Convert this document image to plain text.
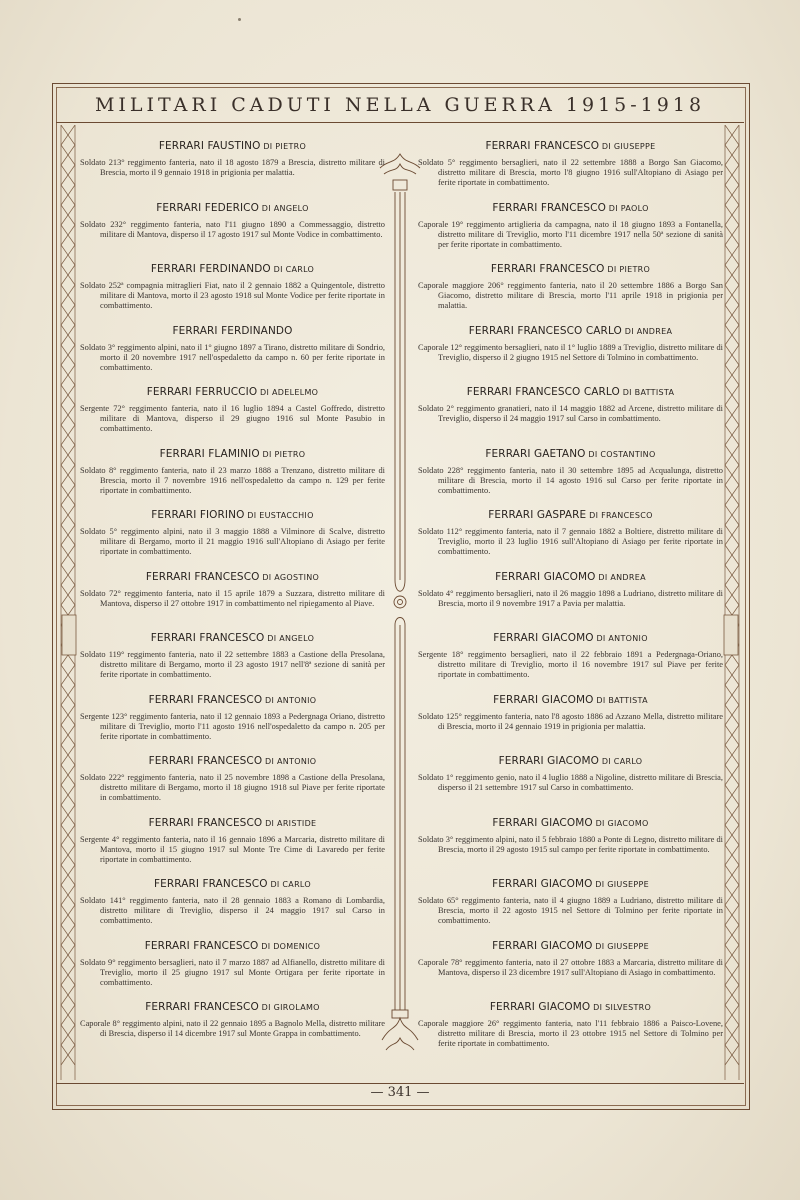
MILITARI CADUTI NELLA GUERRA 1915-1918
FERRARI FAUSTINO DI PIETRO
Soldato 213° reggimento fanteria, nato il 18 agosto 1879 a Brescia, distretto militare di Brescia, morto il 9 gennaio 1918 in prigionia per malattia.
FERRARI FEDERICO DI ANGELO
Soldato 232° reggimento fanteria, nato l'11 giugno 1890 a Commessaggio, distretto militare di Mantova, disperso il 17 agosto 1917 sul Monte Vodice in combattimento.
FERRARI FERDINANDO DI CARLO
Soldato 252ª compagnia mitraglieri Fiat, nato il 2 gennaio 1882 a Quingentole, distretto militare di Mantova, morto il 23 agosto 1918 sul Monte Vodice per ferite riportate in combattimento.
FERRARI FERDINANDO
Soldato 3° reggimento alpini, nato il 1° giugno 1897 a Tirano, distretto militare di Sondrio, morto il 20 novembre 1917 nell'ospedaletto da campo n. 60 per ferite riportate in combattimento.
FERRARI FERRUCCIO DI ADELELMO
Sergente 72° reggimento fanteria, nato il 16 luglio 1894 a Castel Goffredo, distretto militare di Mantova, disperso il 29 giugno 1916 sul Monte Pasubio in combattimento.
FERRARI FLAMINIO DI PIETRO
Soldato 8° reggimento fanteria, nato il 23 marzo 1888 a Trenzano, distretto militare di Brescia, morto il 7 novembre 1916 nell'ospedaletto da campo n. 129 per ferite riportate in combattimento.
FERRARI FIORINO DI EUSTACCHIO
Soldato 5° reggimento alpini, nato il 3 maggio 1888 a Vilminore di Scalve, distretto militare di Bergamo, morto il 21 maggio 1916 sull'Altopiano di Asiago per ferite riportate in combattimento.
FERRARI FRANCESCO DI AGOSTINO
Soldato 72° reggimento fanteria, nato il 15 aprile 1879 a Suzzara, distretto militare di Mantova, disperso il 27 ottobre 1917 in combattimento nel ripiegamento al Piave.
FERRARI FRANCESCO DI ANGELO
Soldato 119° reggimento fanteria, nato il 22 settembre 1883 a Castione della Presolana, distretto militare di Bergamo, morto il 23 agosto 1917 nell'8ª sezione di sanità per ferite riportate in combattimento.
FERRARI FRANCESCO DI ANTONIO
Sergente 123° reggimento fanteria, nato il 12 gennaio 1893 a Pedergnaga Oriano, distretto militare di Treviglio, morto l'11 agosto 1916 nell'ospedaletto da campo n. 205 per ferite riportate in combattimento.
FERRARI FRANCESCO DI ANTONIO
Soldato 222° reggimento fanteria, nato il 25 novembre 1898 a Castione della Presolana, distretto militare di Bergamo, morto il 18 giugno 1918 sul Piave per ferite riportate in combattimento.
FERRARI FRANCESCO DI ARISTIDE
Sergente 4° reggimento fanteria, nato il 16 gennaio 1896 a Marcaria, distretto militare di Mantova, morto il 15 giugno 1917 sul Monte Tre Cime di Lavaredo per ferite riportate in combattimento.
FERRARI FRANCESCO DI CARLO
Soldato 141° reggimento fanteria, nato il 28 gennaio 1883 a Romano di Lombardia, distretto militare di Treviglio, disperso il 24 maggio 1917 sul Carso in combattimento.
FERRARI FRANCESCO DI DOMENICO
Soldato 9° reggimento bersaglieri, nato il 7 marzo 1887 ad Alfianello, distretto militare di Treviglio, morto il 25 giugno 1917 sul Monte Ortigara per ferite riportate in combattimento.
FERRARI FRANCESCO DI GIROLAMO
Caporale 8° reggimento alpini, nato il 22 gennaio 1895 a Bagnolo Mella, distretto militare di Brescia, disperso il 14 dicembre 1917 sul Monte Grappa in combattimento.
FERRARI FRANCESCO DI GIUSEPPE
Soldato 5° reggimento bersaglieri, nato il 22 settembre 1888 a Borgo San Giacomo, distretto militare di Brescia, morto l'8 giugno 1916 sull'Altopiano di Asiago per ferite riportate in combattimento.
FERRARI FRANCESCO DI PAOLO
Caporale 19° reggimento artiglieria da campagna, nato il 18 giugno 1893 a Fontanella, distretto militare di Treviglio, morto l'11 dicembre 1917 nella 50ª sezione di sanità per ferite riportate in combattimento.
FERRARI FRANCESCO DI PIETRO
Caporale maggiore 206° reggimento fanteria, nato il 20 settembre 1886 a Borgo San Giacomo, distretto militare di Brescia, morto l'11 aprile 1918 in prigionia per malattia.
FERRARI FRANCESCO CARLO DI ANDREA
Caporale 12° reggimento bersaglieri, nato il 1° luglio 1889 a Treviglio, distretto militare di Treviglio, disperso il 2 giugno 1915 nel Settore di Tolmino in combattimento.
FERRARI FRANCESCO CARLO DI BATTISTA
Soldato 2° reggimento granatieri, nato il 14 maggio 1882 ad Arcene, distretto militare di Treviglio, disperso il 24 maggio 1917 sul Carso in combattimento.
FERRARI GAETANO DI COSTANTINO
Soldato 228° reggimento fanteria, nato il 30 settembre 1895 ad Acqualunga, distretto militare di Brescia, morto il 14 agosto 1916 sul Carso per ferite riportate in combattimento.
FERRARI GASPARE DI FRANCESCO
Soldato 112° reggimento fanteria, nato il 7 gennaio 1882 a Boltiere, distretto militare di Treviglio, morto il 23 luglio 1916 sull'Altopiano di Asiago per ferite riportate in combattimento.
FERRARI GIACOMO DI ANDREA
Soldato 4° reggimento bersaglieri, nato il 26 maggio 1898 a Ludriano, distretto militare di Brescia, morto il 9 novembre 1917 a Pavia per malattia.
FERRARI GIACOMO DI ANTONIO
Sergente 18° reggimento bersaglieri, nato il 22 febbraio 1891 a Pedergnaga-Oriano, distretto militare di Treviglio, morto il 16 novembre 1917 sul Piave per ferite riportate in combattimento.
FERRARI GIACOMO DI BATTISTA
Soldato 125° reggimento fanteria, nato l'8 agosto 1886 ad Azzano Mella, distretto militare di Brescia, morto il 24 gennaio 1919 in prigionia per malattia.
FERRARI GIACOMO DI CARLO
Soldato 1° reggimento genio, nato il 4 luglio 1888 a Nigoline, distretto militare di Brescia, disperso il 21 settembre 1917 sul Carso in combattimento.
FERRARI GIACOMO DI GIACOMO
Soldato 3° reggimento alpini, nato il 5 febbraio 1880 a Ponte di Legno, distretto militare di Brescia, morto il 29 agosto 1915 sul campo per ferite riportate in combattimento.
FERRARI GIACOMO DI GIUSEPPE
Soldato 65° reggimento fanteria, nato il 4 giugno 1889 a Ludriano, distretto militare di Brescia, morto il 22 agosto 1915 nel Settore di Tolmino per ferite riportate in combattimento.
FERRARI GIACOMO DI GIUSEPPE
Caporale 78° reggimento fanteria, nato il 27 ottobre 1883 a Marcaria, distretto militare di Mantova, disperso il 23 dicembre 1917 sull'Altopiano di Asiago in combattimento.
FERRARI GIACOMO DI SILVESTRO
Caporale maggiore 26° reggimento fanteria, nato l'11 febbraio 1886 a Paisco-Lovene, distretto militare di Brescia, morto il 23 ottobre 1915 nel Settore di Tolmino per ferite riportate in combattimento.
— 341 —
